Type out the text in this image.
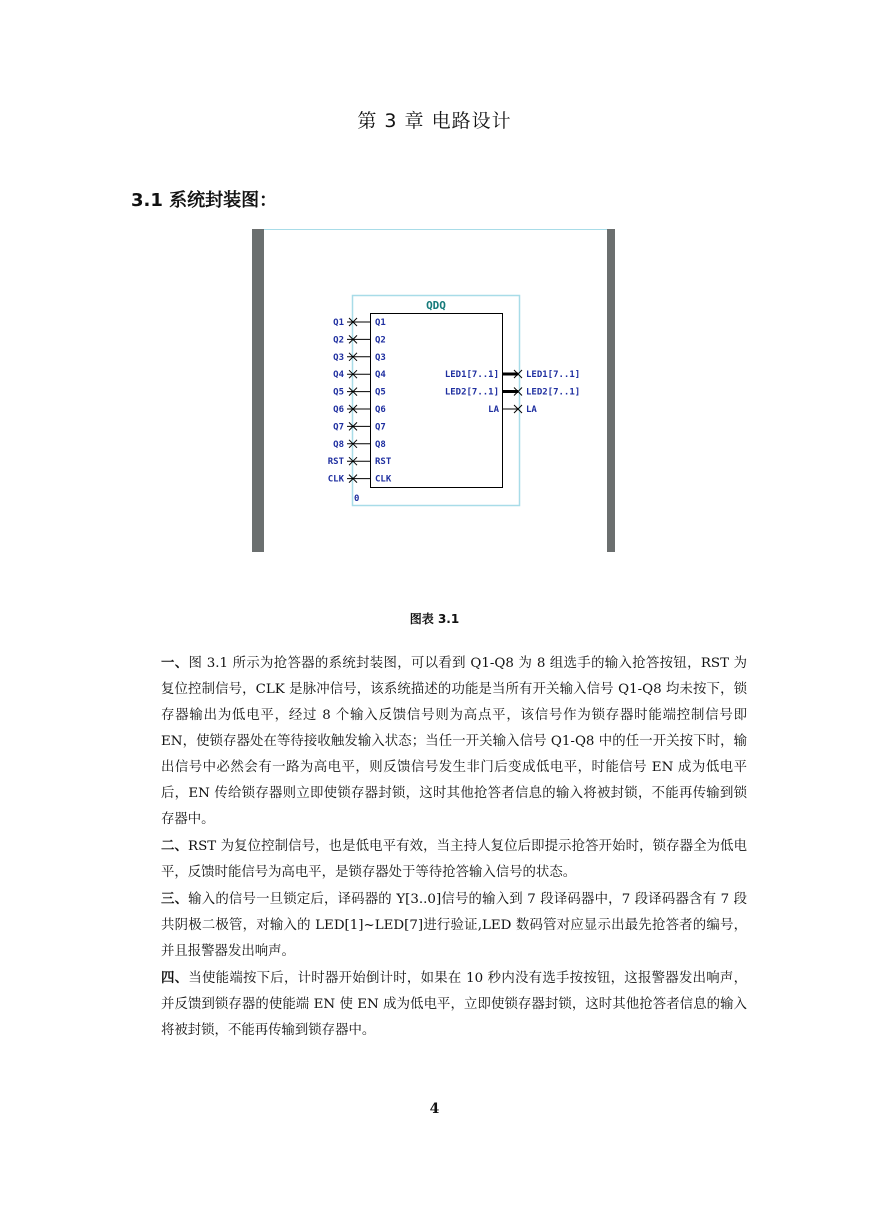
第 3 章 电路设计
3.1 系统封装图：
QDQ
0
Q1	Q1
Q2	Q2
Q3	Q3
Q4	Q4
Q5	Q5
Q6	Q6
Q7	Q7
Q8	Q8
RST	RST
CLK	CLK
LED1[7..1]	LED1[7..1]
LED2[7..1]	LED2[7..1]
LA	LA
图表 3.1

一、图 3.1 所示为抢答器的系统封装图，可以看到 Q1-Q8 为 8 组选手的输入抢答按钮，RST 为复位控制信号，CLK 是脉冲信号，该系统描述的功能是当所有开关输入信号 Q1-Q8 均未按下，锁存器输出为低电平，经过 8 个输入反馈信号则为高点平，该信号作为锁存器时能端控制信号即 EN，使锁存器处在等待接收触发输入状态；当任一开关输入信号 Q1-Q8 中的任一开关按下时，输出信号中必然会有一路为高电平，则反馈信号发生非门后变成低电平，时能信号 EN 成为低电平后，EN 传给锁存器则立即使锁存器封锁，这时其他抢答者信息的输入将被封锁，不能再传输到锁存器中。

二、RST 为复位控制信号，也是低电平有效，当主持人复位后即提示抢答开始时，锁存器全为低电平，反馈时能信号为高电平，是锁存器处于等待抢答输入信号的状态。

三、输入的信号一旦锁定后，译码器的 Y[3..0]信号的输入到 7 段译码器中，7 段译码器含有 7 段共阴极二极管，对输入的 LED[1]~LED[7]进行验证,LED 数码管对应显示出最先抢答者的编号，并且报警器发出响声。

四、当使能端按下后，计时器开始倒计时，如果在 10 秒内没有选手按按钮，这报警器发出响声，并反馈到锁存器的使能端 EN 使 EN 成为低电平，立即使锁存器封锁，这时其他抢答者信息的输入将被封锁，不能再传输到锁存器中。

4
